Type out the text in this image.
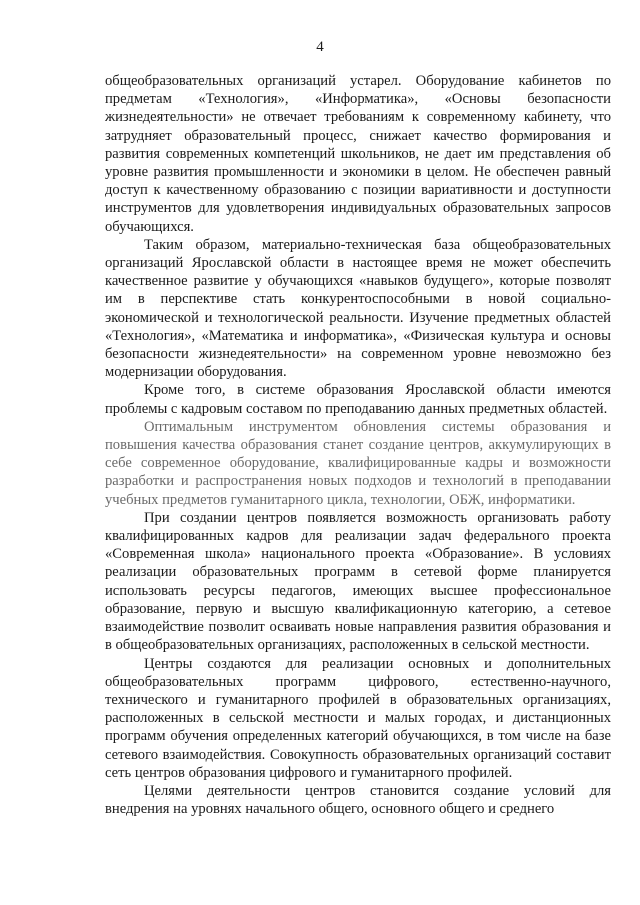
4

общеобразовательных организаций устарел. Оборудование кабинетов по предметам «Технология», «Информатика», «Основы безопасности жизнедеятельности» не отвечает требованиям к современному кабинету, что затрудняет образовательный процесс, снижает качество формирования и развития современных компетенций школьников, не дает им представления об уровне развития промышленности и экономики в целом. Не обеспечен равный доступ к качественному образованию с позиции вариативности и доступности инструментов для удовлетворения индивидуальных образовательных запросов обучающихся.

Таким образом, материально-техническая база общеобразовательных организаций Ярославской области в настоящее время не может обеспечить качественное развитие у обучающихся «навыков будущего», которые позволят им в перспективе стать конкурентоспособными в новой социально-экономической и технологической реальности. Изучение предметных областей «Технология», «Математика и информатика», «Физическая культура и основы безопасности жизнедеятельности» на современном уровне невозможно без модернизации оборудования.

Кроме того, в системе образования Ярославской области имеются проблемы с кадровым составом по преподаванию данных предметных областей.

Оптимальным инструментом обновления системы образования и повышения качества образования станет создание центров, аккумулирующих в себе современное оборудование, квалифицированные кадры и возможности разработки и распространения новых подходов и технологий в преподавании учебных предметов гуманитарного цикла, технологии, ОБЖ, информатики.

При создании центров появляется возможность организовать работу квалифицированных кадров для реализации задач федерального проекта «Современная школа» национального проекта «Образование». В условиях реализации образовательных программ в сетевой форме планируется использовать ресурсы педагогов, имеющих высшее профессиональное образование, первую и высшую квалификационную категорию, а сетевое взаимодействие позволит осваивать новые направления развития образования и в общеобразовательных организациях, расположенных в сельской местности.

Центры создаются для реализации основных и дополнительных общеобразовательных программ цифрового, естественно-научного, технического и гуманитарного профилей в образовательных организациях, расположенных в сельской местности и малых городах, и дистанционных программ обучения определенных категорий обучающихся, в том числе на базе сетевого взаимодействия. Совокупность образовательных организаций составит сеть центров образования цифрового и гуманитарного профилей.

Целями деятельности центров становится создание условий для внедрения на уровнях начального общего, основного общего и среднего
